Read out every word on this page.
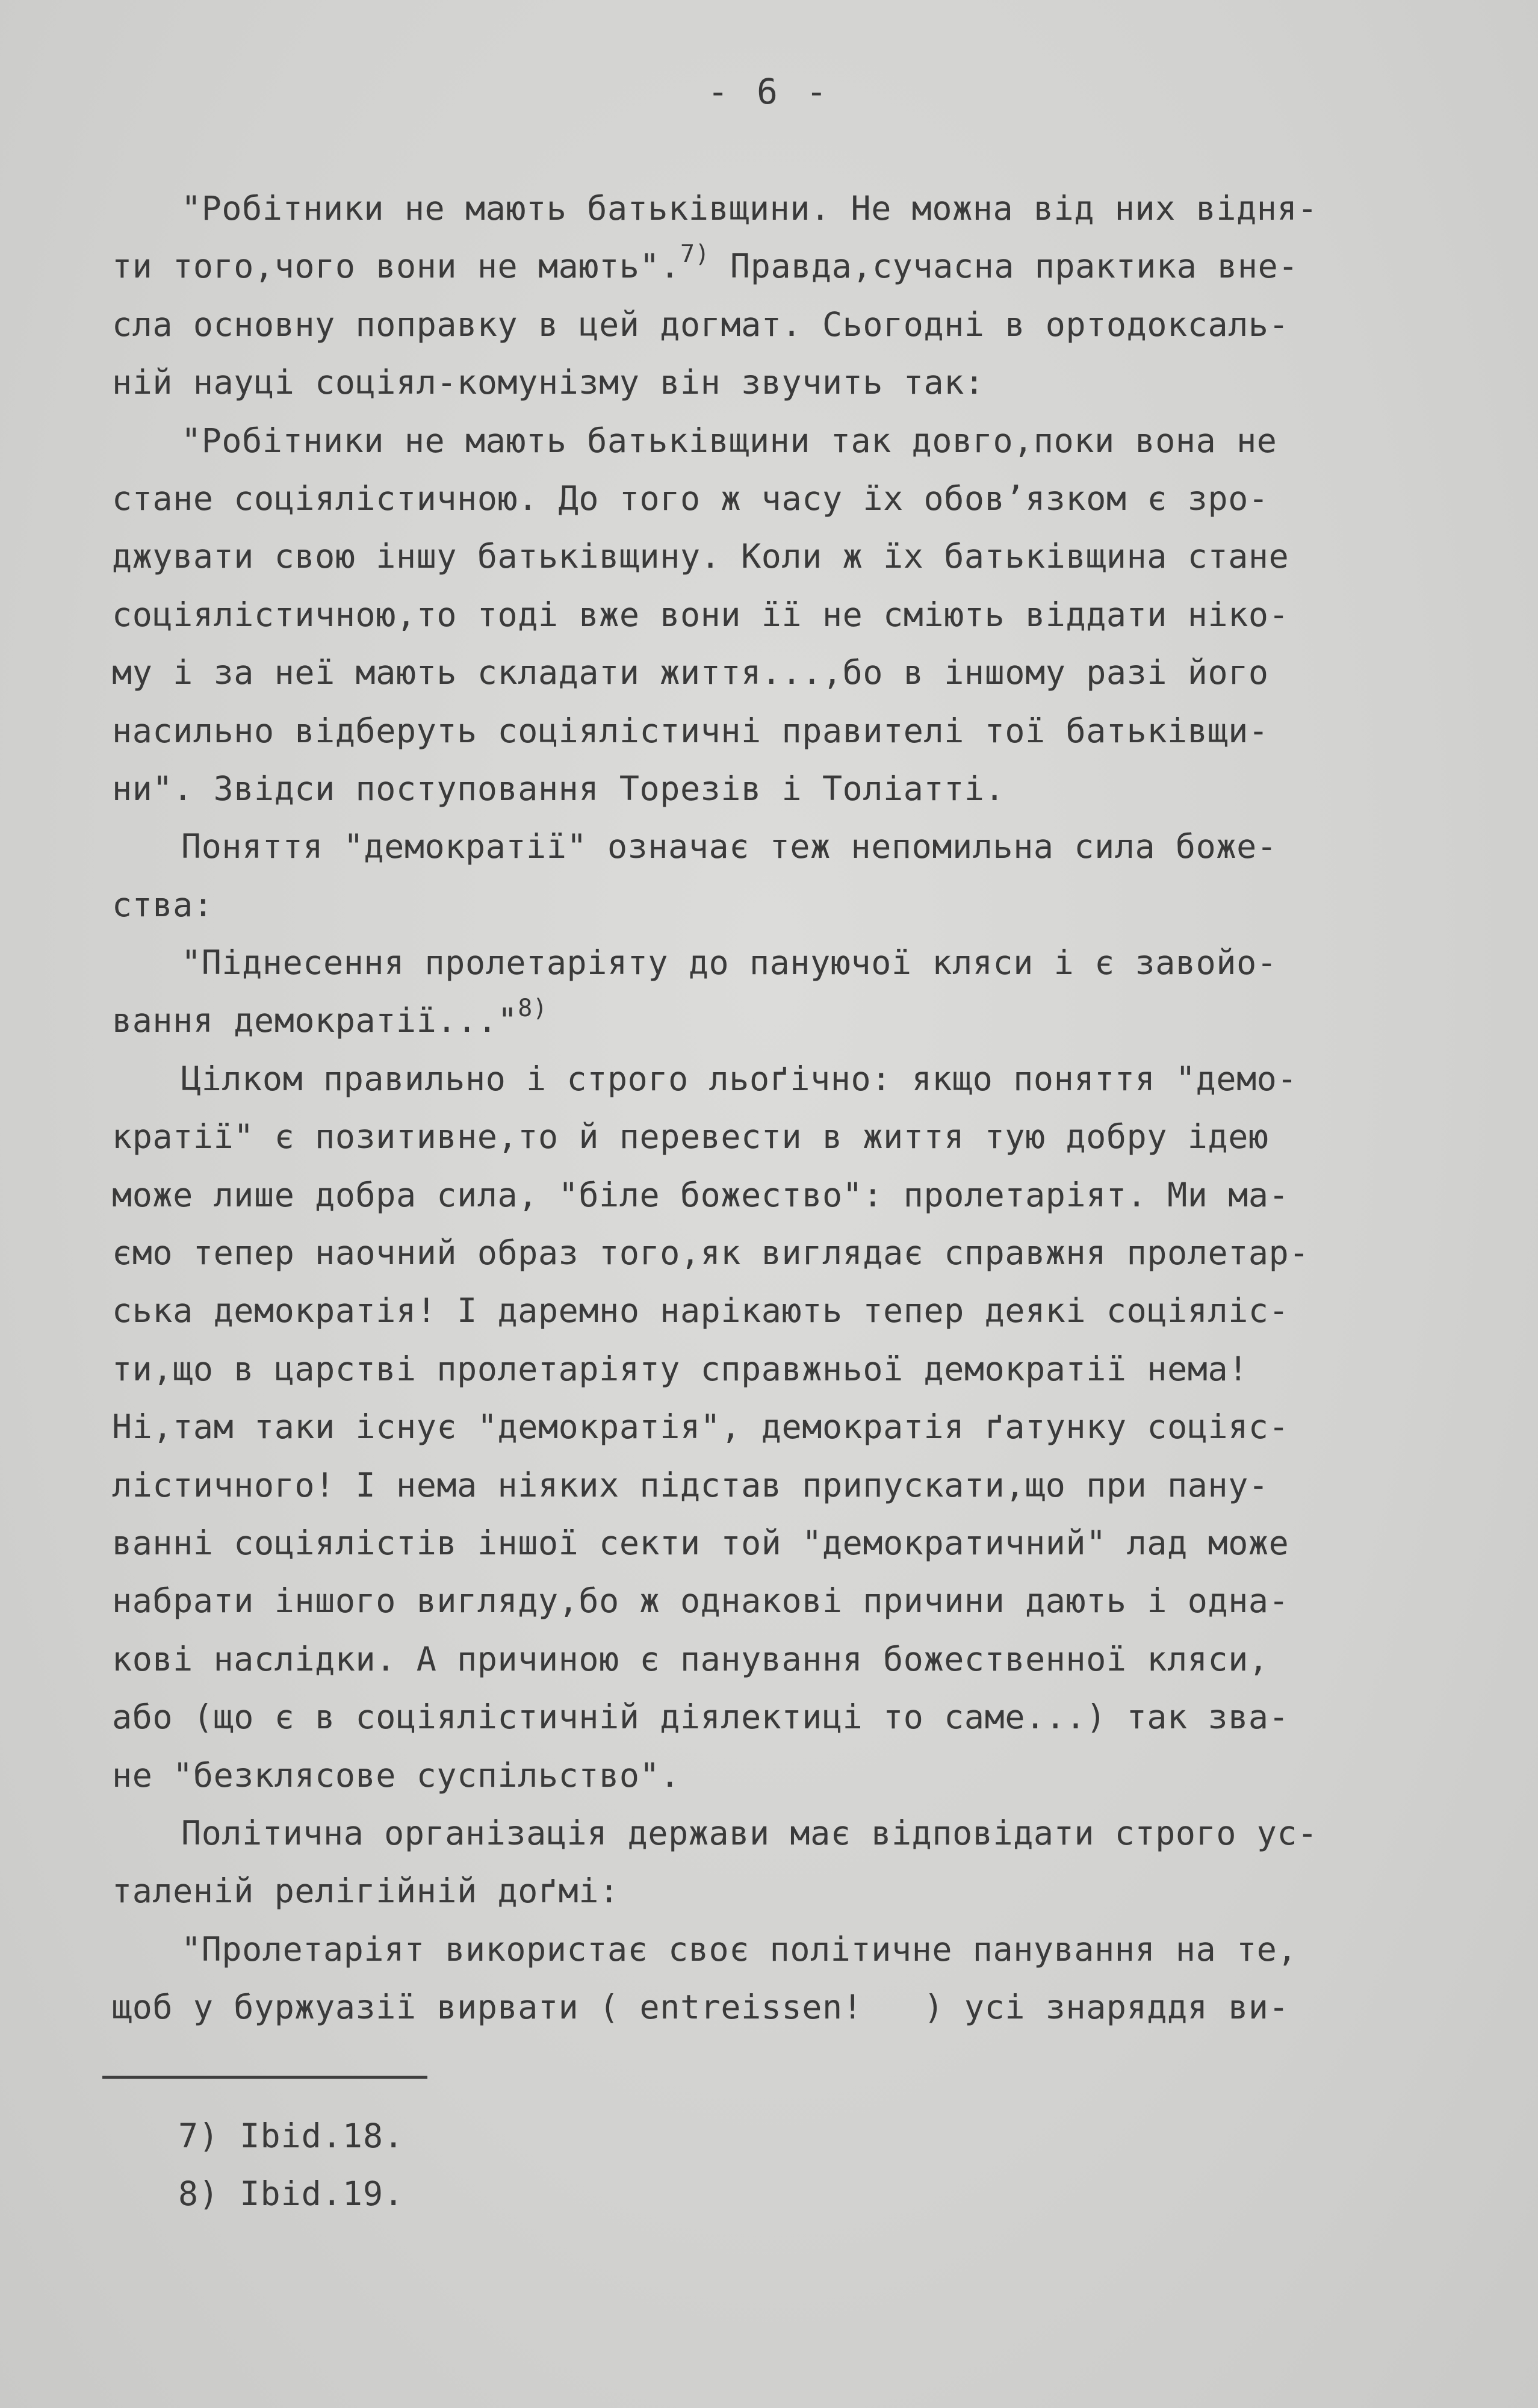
- 6 -
"Робітники не мають батьківщини. Не можна від них відня-
ти того,чого вони не мають".$^{7)}$ Правда,сучасна практика вне-
сла основну поправку в цей догмат. Сьогодні в ортодоксаль-
ній науці соціял-комунізму він звучить так:
"Робітники не мають батьківщини так довго,поки вона не
стане соціялістичною. До того ж часу їх обов’язком є зро-
джувати свою іншу батьківщину. Коли ж їх батьківщина стане
соціялістичною,то тоді вже вони її не сміють віддати ніко-
му і за неї мають складати життя...,бо в іншому разі його
насильно відберуть соціялістичні правителі тої батьківщи-
ни". Звідси поступовання Торезів і Толіатті.
Поняття "демократії" означає теж непомильна сила боже-
ства:
"Піднесення пролетаріяту до пануючої кляси і є завойо-
вання демократії..."$^{8)}$
Цілком правильно і строго льоґічно: якщо поняття "демо-
кратії" є позитивне,то й перевести в життя тую добру ідею
може лише добра сила, "біле божество": пролетаріят. Ми ма-
ємо тепер наочний образ того,як виглядає справжня пролетар-
ська демократія! І даремно нарікають тепер деякі соціяліс-
ти,що в царстві пролетаріяту справжньої демократії нема!
Ні,там таки існує "демократія", демократія ґатунку соціяс-
лістичного! І нема ніяких підстав припускати,що при пану-
ванні соціялістів іншої секти той "демократичний" лад може
набрати іншого вигляду,бо ж однакові причини дають і одна-
кові наслідки. А причиною є панування божественної кляси,
або (що є в соціялістичній діялектиці то саме...) так зва-
не "безклясове суспільство".
Політична організація держави має відповідати строго ус-
таленій релігійній доґмі:
"Пролетаріят використає своє політичне панування на те,
щоб у буржуазії вирвати ( entreissen!   ) усі знаряддя ви-
7) Ibid.18.
8) Ibid.19.
